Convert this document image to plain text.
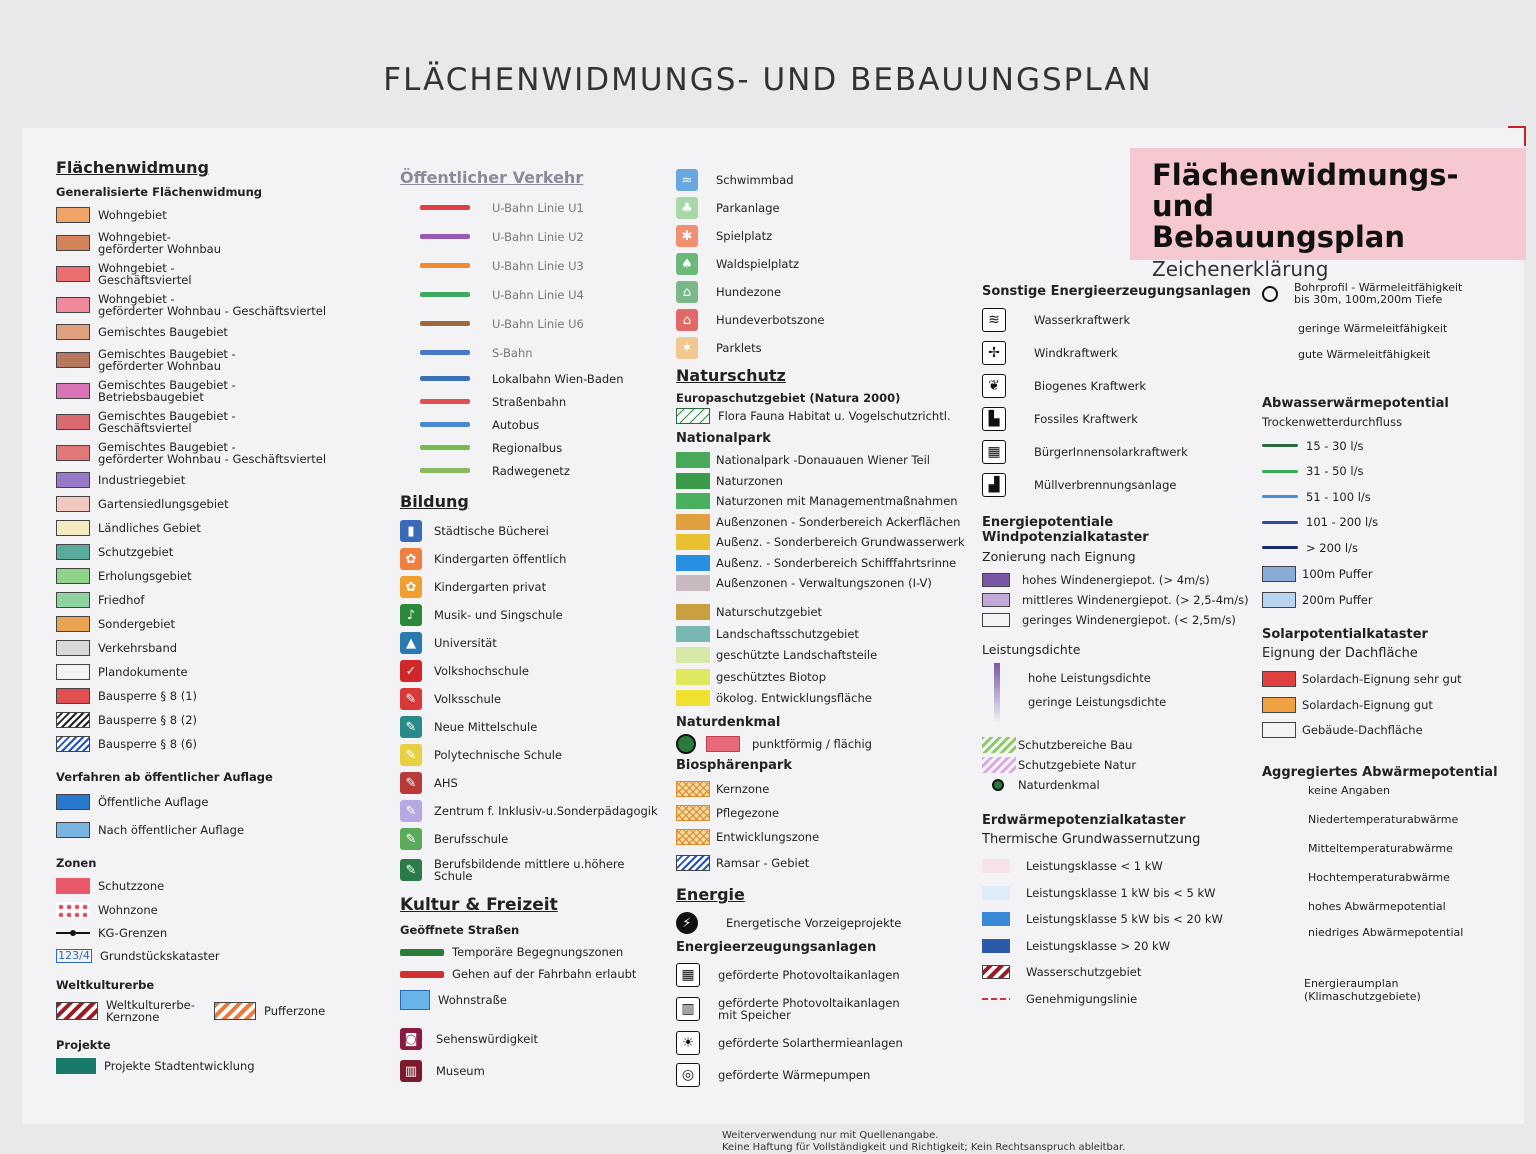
FLÄCHENWIDMUNGS- UND BEBAUUNGSPLAN
Flächenwidmungs- und
Bebauungsplan
Zeichenerklärung
Flächenwidmung
Generalisierte Flächenwidmung
Wohngebiet
Wohngebiet-
geförderter Wohnbau
Wohngebiet -
Geschäftsviertel
Wohngebiet -
geförderter Wohnbau - Geschäftsviertel
Gemischtes Baugebiet
Gemischtes Baugebiet -
geförderter Wohnbau
Gemischtes Baugebiet -
Betriebsbaugebiet
Gemischtes Baugebiet -
Geschäftsviertel
Gemischtes Baugebiet -
geförderter Wohnbau - Geschäftsviertel
Industriegebiet
Gartensiedlungsgebiet
Ländliches Gebiet
Schutzgebiet
Erholungsgebiet
Friedhof
Sondergebiet
Verkehrsband
Plandokumente
Bausperre § 8 (1)
Bausperre § 8 (2)
Bausperre § 8 (6)
Verfahren ab öffentlicher Auflage
Öffentliche Auflage
Nach öffentlicher Auflage
Zonen
Schutzzone
Wohnzone
KG-Grenzen
123/4 Grundstückskataster
Weltkulturerbe
Weltkulturerbe-
Kernzone	Pufferzone
Projekte
Projekte Stadtentwicklung
Öffentlicher Verkehr
U-Bahn Linie U1
U-Bahn Linie U2
U-Bahn Linie U3
U-Bahn Linie U4
U-Bahn Linie U6
S-Bahn
Lokalbahn Wien-Baden
Straßenbahn
Autobus
Regionalbus
Radwegenetz
Bildung
▮	Städtische Bücherei
✿	Kindergarten öffentlich
✿	Kindergarten privat
♪	Musik- und Singschule
▲	Universität
✓	Volkshochschule
✎	Volksschule
✎	Neue Mittelschule
✎	Polytechnische Schule
✎	AHS
✎	Zentrum f. Inklusiv-u.Sonderpädagogik
✎	Berufsschule
✎	Berufsbildende mittlere u.höhere
Schule
Kultur & Freizeit
Geöffnete Straßen
Temporäre Begegnungszonen
Gehen auf der Fahrbahn erlaubt
Wohnstraße
◙	Sehenswürdigkeit
▥	Museum
≈	Schwimmbad
♣	Parkanlage
✱	Spielplatz
♠	Waldspielplatz
⌂	Hundezone
⌂	Hundeverbotszone
✶	Parklets
Naturschutz
Europaschutzgebiet (Natura 2000)
Flora Fauna Habitat u. Vogelschutzrichtl.
Nationalpark
Nationalpark -Donauauen Wiener Teil
Naturzonen
Naturzonen mit Managementmaßnahmen
Außenzonen - Sonderbereich Ackerflächen
Außenz. - Sonderbereich Grundwasserwerk
Außenz. - Sonderbereich Schifffahrtsrinne
Außenzonen - Verwaltungszonen (I-V)
Naturschutzgebiet
Landschaftsschutzgebiet
geschützte Landschaftsteile
geschütztes Biotop
ökolog. Entwicklungsfläche
Naturdenkmal
punktförmig / flächig
Biosphärenpark
Kernzone
Pflegezone
Entwicklungszone
Ramsar - Gebiet
Energie
⚡	Energetische Vorzeigeprojekte
Energieerzeugungsanlagen
▦	geförderte Photovoltaikanlagen
▥	geförderte Photovoltaikanlagen
mit Speicher
☀	geförderte Solarthermieanlagen
◎	geförderte Wärmepumpen
Sonstige Energieerzeugungsanlagen
≋	Wasserkraftwerk
✢	Windkraftwerk
❦	Biogenes Kraftwerk
▙	Fossiles Kraftwerk
▦	BürgerInnensolarkraftwerk
▟	Müllverbrennungsanlage
Energiepotentiale
Windpotenzialkataster
Zonierung nach Eignung
hohes Windenergiepot. (> 4m/s)
mittleres Windenergiepot. (> 2,5-4m/s)
geringes Windenergiepot. (< 2,5m/s)
Leistungsdichte
hohe Leistungsdichte
geringe Leistungsdichte
Schutzbereiche Bau
Schutzgebiete Natur
Naturdenkmal
Erdwärmepotenzialkataster
Thermische Grundwassernutzung
Leistungsklasse < 1 kW
Leistungsklasse 1 kW bis < 5 kW
Leistungsklasse 5 kW bis < 20 kW
Leistungsklasse > 20 kW
Wasserschutzgebiet
Genehmigungslinie
Bohrprofil - Wärmeleitfähigkeit
bis 30m, 100m,200m Tiefe
geringe Wärmeleitfähigkeit
gute Wärmeleitfähigkeit
Abwasserwärmepotential
Trockenwetterdurchfluss
15 - 30 l/s
31 - 50 l/s
51 - 100 l/s
101 - 200 l/s
> 200 l/s
100m Puffer
200m Puffer
Solarpotentialkataster
Eignung der Dachfläche
Solardach-Eignung sehr gut
Solardach-Eignung gut
Gebäude-Dachfläche
Aggregiertes Abwärmepotential
keine Angaben
Niedertemperaturabwärme
Mitteltemperaturabwärme
Hochtemperaturabwärme
hohes Abwärmepotential
niedriges Abwärmepotential
Energieraumplan
(Klimaschutzgebiete)
Weiterverwendung nur mit Quellenangabe.
Keine Haftung für Vollständigkeit und Richtigkeit; Kein Rechtsanspruch ableitbar.
